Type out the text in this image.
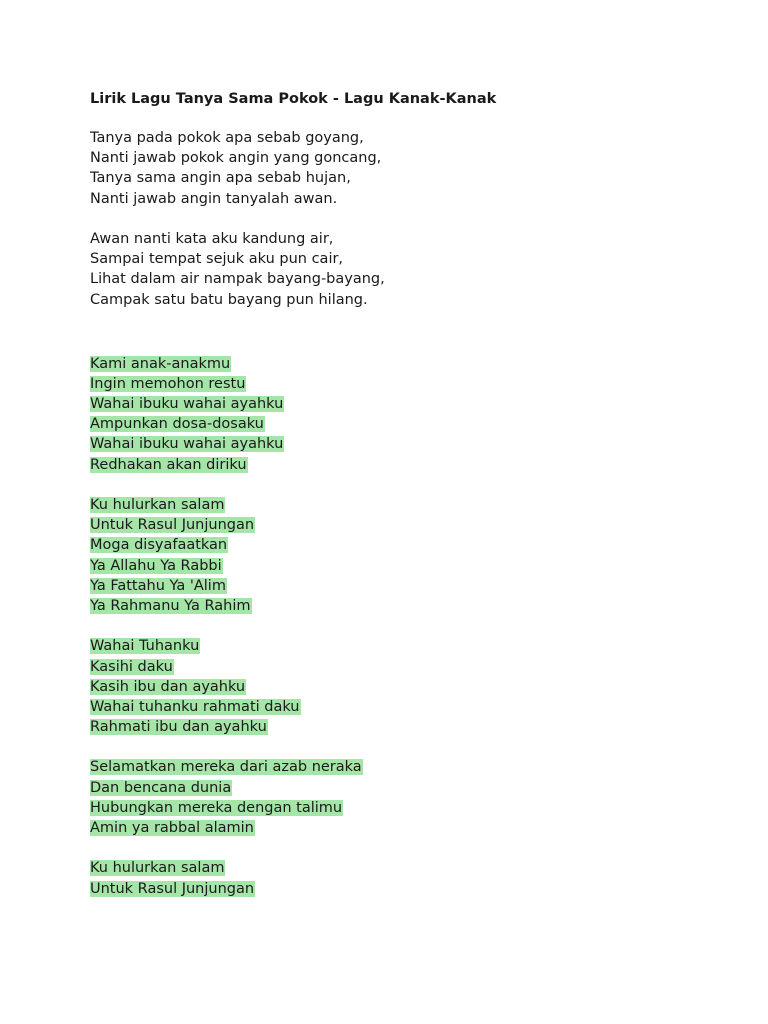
Lirik Lagu Tanya Sama Pokok - Lagu Kanak-Kanak
Tanya pada pokok apa sebab goyang,
Nanti jawab pokok angin yang goncang,
Tanya sama angin apa sebab hujan,
Nanti jawab angin tanyalah awan.
Awan nanti kata aku kandung air,
Sampai tempat sejuk aku pun cair,
Lihat dalam air nampak bayang-bayang,
Campak satu batu bayang pun hilang.
Kami anak-anakmu
Ingin memohon restu
Wahai ibuku wahai ayahku
Ampunkan dosa-dosaku
Wahai ibuku wahai ayahku
Redhakan akan diriku
Ku hulurkan salam
Untuk Rasul Junjungan
Moga disyafaatkan
Ya Allahu Ya Rabbi
Ya Fattahu Ya 'Alim
Ya Rahmanu Ya Rahim
Wahai Tuhanku
Kasihi daku
Kasih ibu dan ayahku
Wahai tuhanku rahmati daku
Rahmati ibu dan ayahku
Selamatkan mereka dari azab neraka
Dan bencana dunia
Hubungkan mereka dengan talimu
Amin ya rabbal alamin
Ku hulurkan salam
Untuk Rasul Junjungan
